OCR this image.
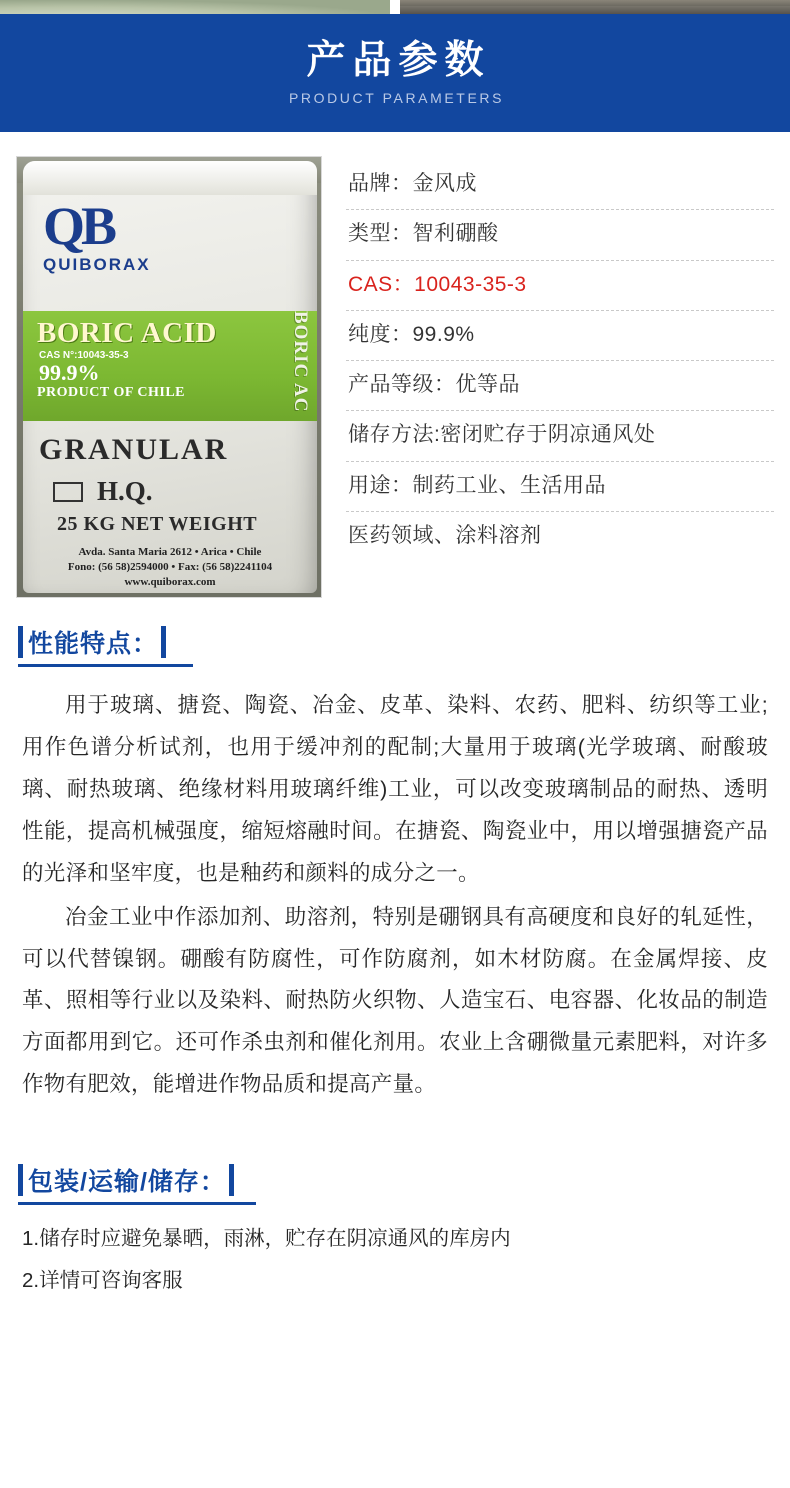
产品参数
PRODUCT PARAMETERS
QB
QUIBORAX
BORIC ACID
CAS N°:10043-35-3
99.9%
PRODUCT OF CHILE	BORIC AC
GRANULAR
H.Q.
25 KG NET WEIGHT
Avda. Santa Maria 2612 • Arica • Chile
Fono: (56 58)2594000 • Fax: (56 58)2241104
www.quiborax.com
品牌：金风成
类型：智利硼酸
CAS：10043-35-3
纯度：99.9%
产品等级：优等品
储存方法:密闭贮存于阴凉通风处
用途：制药工业、生活用品
医药领域、涂料溶剂
性能特点：

用于玻璃、搪瓷、陶瓷、冶金、皮革、染料、农药、肥料、纺织等工业;用作色谱分析试剂，也用于缓冲剂的配制;大量用于玻璃(光学玻璃、耐酸玻璃、耐热玻璃、绝缘材料用玻璃纤维)工业，可以改变玻璃制品的耐热、透明性能，提高机械强度，缩短熔融时间。在搪瓷、陶瓷业中，用以增强搪瓷产品的光泽和坚牢度，也是釉药和颜料的成分之一。

冶金工业中作添加剂、助溶剂，特别是硼钢具有高硬度和良好的轧延性，可以代替镍钢。硼酸有防腐性，可作防腐剂，如木材防腐。在金属焊接、皮革、照相等行业以及染料、耐热防火织物、人造宝石、电容器、化妆品的制造方面都用到它。还可作杀虫剂和催化剂用。农业上含硼微量元素肥料，对许多作物有肥效，能增进作物品质和提高产量。

包装/运输/储存：
1.储存时应避免暴晒，雨淋，贮存在阴凉通风的库房内
2.详情可咨询客服
